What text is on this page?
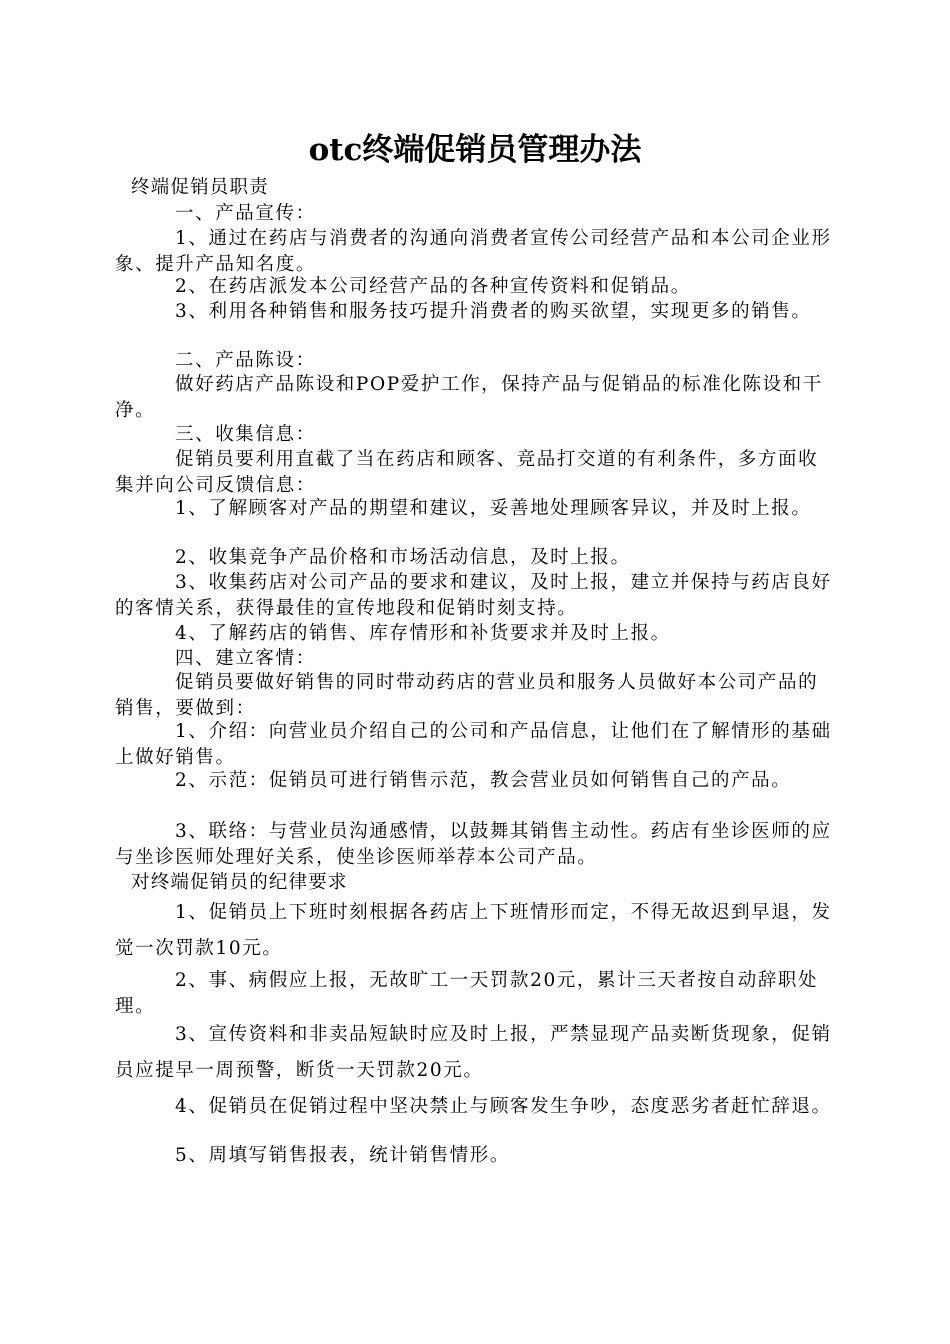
otc终端促销员管理办法
终端促销员职责
一、产品宣传：
1、通过在药店与消费者的沟通向消费者宣传公司经营产品和本公司企业形象、提升产品知名度。
2、在药店派发本公司经营产品的各种宣传资料和促销品。
3、利用各种销售和服务技巧提升消费者的购买欲望，实现更多的销售。
二、产品陈设：
做好药店产品陈设和POP爱护工作，保持产品与促销品的标准化陈设和干净。
三、收集信息：
促销员要利用直截了当在药店和顾客、竞品打交道的有利条件，多方面收集并向公司反馈信息：
1、了解顾客对产品的期望和建议，妥善地处理顾客异议，并及时上报。
2、收集竞争产品价格和市场活动信息，及时上报。
3、收集药店对公司产品的要求和建议，及时上报，建立并保持与药店良好的客情关系，获得最佳的宣传地段和促销时刻支持。
4、了解药店的销售、库存情形和补货要求并及时上报。
四、建立客情：
促销员要做好销售的同时带动药店的营业员和服务人员做好本公司产品的销售，要做到：
1、介绍：向营业员介绍自己的公司和产品信息，让他们在了解情形的基础上做好销售。
2、示范：促销员可进行销售示范，教会营业员如何销售自己的产品。
3、联络：与营业员沟通感情，以鼓舞其销售主动性。药店有坐诊医师的应与坐诊医师处理好关系，使坐诊医师举荐本公司产品。
对终端促销员的纪律要求
1、促销员上下班时刻根据各药店上下班情形而定，不得无故迟到早退，发觉一次罚款10元。
2、事、病假应上报，无故旷工一天罚款20元，累计三天者按自动辞职处理。
3、宣传资料和非卖品短缺时应及时上报，严禁显现产品卖断货现象，促销员应提早一周预警，断货一天罚款20元。
4、促销员在促销过程中坚决禁止与顾客发生争吵，态度恶劣者赶忙辞退。
5、周填写销售报表，统计销售情形。
